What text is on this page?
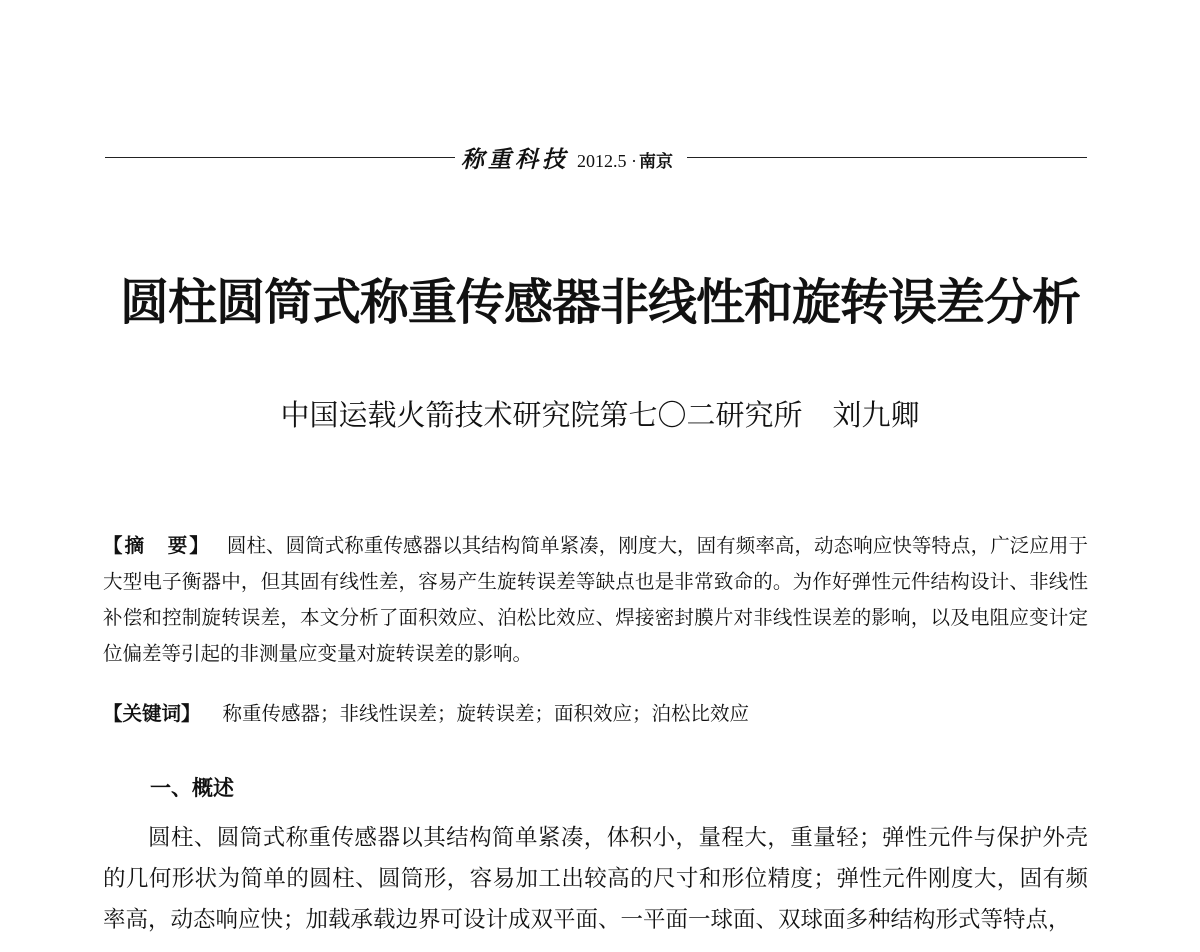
称重科技 2012.5 · 南京
圆柱圆筒式称重传感器非线性和旋转误差分析
中国运载火箭技术研究院第七〇二研究所 刘九卿
【摘　要】 圆柱、圆筒式称重传感器以其结构简单紧凑，刚度大，固有频率高，动态响应快等特点，广泛应用于大型电子衡器中，但其固有线性差，容易产生旋转误差等缺点也是非常致命的。为作好弹性元件结构设计、非线性补偿和控制旋转误差，本文分析了面积效应、泊松比效应、焊接密封膜片对非线性误差的影响，以及电阻应变计定位偏差等引起的非测量应变量对旋转误差的影响。
【关键词】 称重传感器；非线性误差；旋转误差；面积效应；泊松比效应
一、概述
圆柱、圆筒式称重传感器以其结构简单紧凑，体积小，量程大，重量轻；弹性元件与保护外壳的几何形状为简单的圆柱、圆筒形，容易加工出较高的尺寸和形位精度；弹性元件刚度大，固有频率高，动态响应快；加载承载边界可设计成双平面、一平面一球面、双球面多种结构形式等特点，
